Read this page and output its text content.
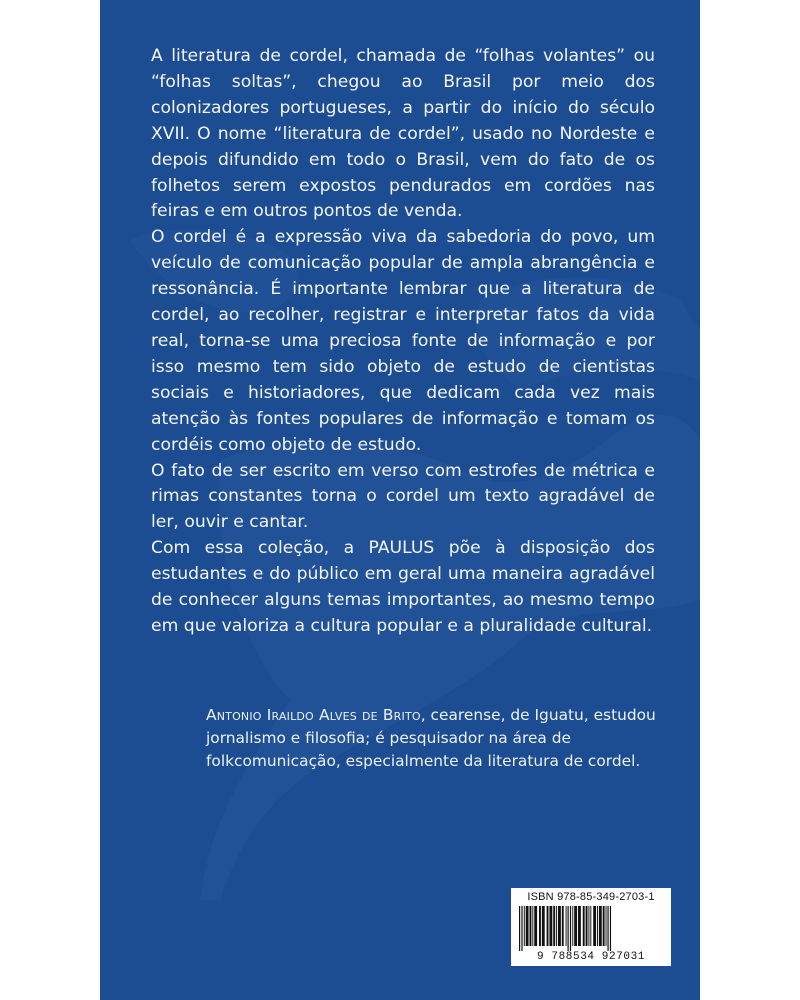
A literatura de cordel, chamada de “folhas volantes” ou “folhas soltas”, chegou ao Brasil por meio dos colonizadores portugueses, a partir do início do século XVII. O nome “literatura de cordel”, usado no Nordeste e depois difundido em todo o Brasil, vem do fato de os folhetos serem expostos pendurados em cordões nas feiras e em outros pontos de venda.

O cordel é a expressão viva da sabedoria do povo, um veículo de comunicação popular de ampla abrangência e ressonância. É importante lembrar que a literatura de cordel, ao recolher, registrar e interpretar fatos da vida real, torna-se uma preciosa fonte de informação e por isso mesmo tem sido objeto de estudo de cientistas sociais e historiadores, que dedicam cada vez mais atenção às fontes populares de informação e tomam os cordéis como objeto de estudo.

O fato de ser escrito em verso com estrofes de métrica e rimas constantes torna o cordel um texto agradável de ler, ouvir e cantar.

Com essa coleção, a PAULUS põe à disposição dos estudantes e do público em geral uma maneira agradável de conhecer alguns temas importantes, ao mesmo tempo em que valoriza a cultura popular e a pluralidade cultural.

Antonio Iraildo Alves de Brito, cearense, de Iguatu, estudou jornalismo e filosofia; é pesquisador na área de folkcomunicação, especialmente da literatura de cordel.
ISBN 978-85-349-2703-1
9 788534 927031
